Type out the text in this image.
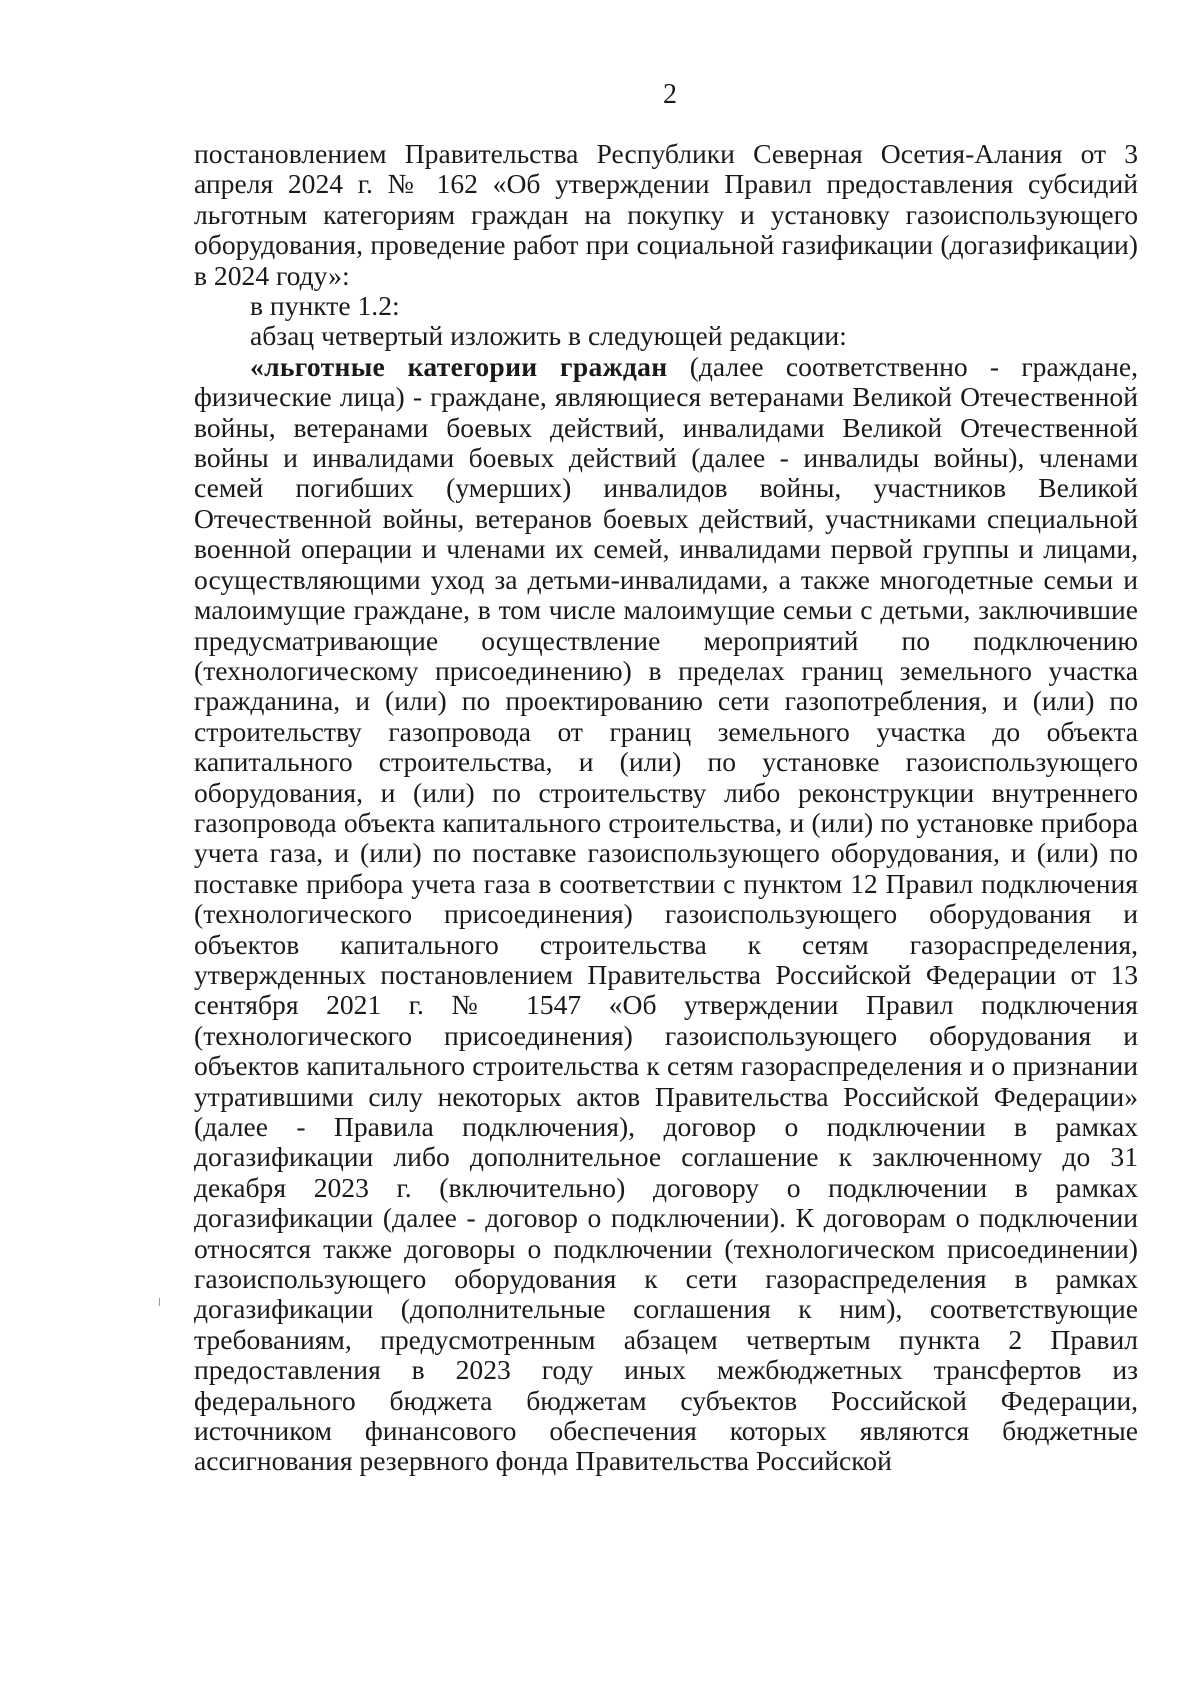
2

постановлением Правительства Республики Северная Осетия-Алания от 3 апреля 2024 г. № 162 «Об утверждении Правил предоставления субсидий льготным категориям граждан на покупку и установку газоиспользующего оборудования, проведение работ при социальной газификации (догазификации) в 2024 году»:

в пункте 1.2:

абзац четвертый изложить в следующей редакции:

«льготные категории граждан (далее соответственно - граждане, физические лица) - граждане, являющиеся ветеранами Великой Отечественной войны, ветеранами боевых действий, инвалидами Великой Отечественной войны и инвалидами боевых действий (далее - инвалиды войны), членами семей погибших (умерших) инвалидов войны, участников Великой Отечественной войны, ветеранов боевых действий, участниками специальной военной операции и членами их семей, инвалидами первой группы и лицами, осуществляющими уход за детьми-инвалидами, а также многодетные семьи и малоимущие граждане, в том числе малоимущие семьи с детьми, заключившие предусматривающие осуществление мероприятий по подключению (технологическому присоединению) в пределах границ земельного участка гражданина, и (или) по проектированию сети газопотребления, и (или) по строительству газопровода от границ земельного участка до объекта капитального строительства, и (или) по установке газоиспользующего оборудования, и (или) по строительству либо реконструкции внутреннего газопровода объекта капитального строительства, и (или) по установке прибора учета газа, и (или) по поставке газоиспользующего оборудования, и (или) по поставке прибора учета газа в соответствии с пунктом 12 Правил подключения (технологического присоединения) газоиспользующего оборудования и объектов капитального строительства к сетям газораспределения, утвержденных постановлением Правительства Российской Федерации от 13 сентября 2021 г. № 1547 «Об утверждении Правил подключения (технологического присоединения) газоиспользующего оборудования и объектов капитального строительства к сетям газораспределения и о признании утратившими силу некоторых актов Правительства Российской Федерации» (далее - Правила подключения), договор о подключении в рамках догазификации либо дополнительное соглашение к заключенному до 31 декабря 2023 г. (включительно) договору о подключении в рамках догазификации (далее - договор о подключении). К договорам о подключении относятся также договоры о подключении (технологическом присоединении) газоиспользующего оборудования к сети газораспределения в рамках догазификации (дополнительные соглашения к ним), соответствующие требованиям, предусмотренным абзацем четвертым пункта 2 Правил предоставления в 2023 году иных межбюджетных трансфертов из федерального бюджета бюджетам субъектов Российской Федерации, источником финансового обеспечения которых являются бюджетные ассигнования резервного фонда Правительства Российской
